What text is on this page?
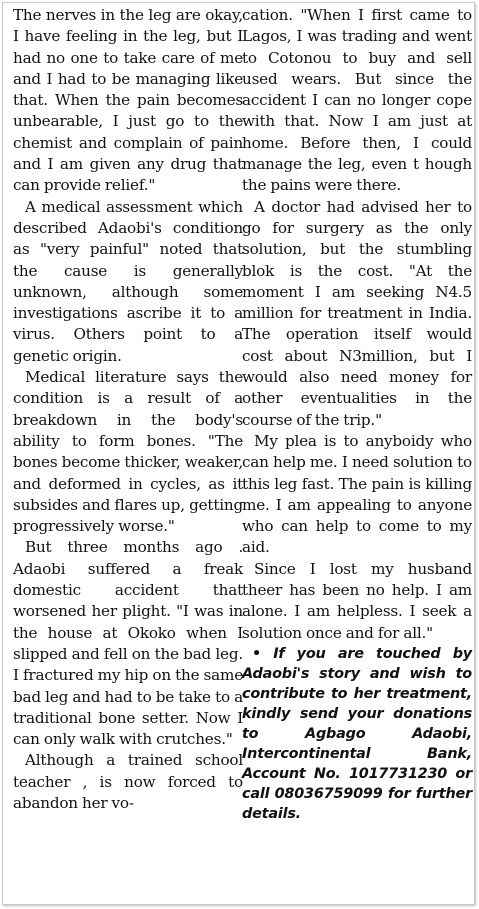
The nerves in the leg are okay, I have feeling in the leg, but I had no one to take care of me and I had to be managing like that. When the pain becomes unbearable, I just go to the chemist and complain of pain and I am given any drug that can provide relief."

A medical assessment which described Adaobi's condition as "very painful" noted that the cause is generally unknown, although some investigations ascribe it to a virus. Others point to a genetic origin.

Medical literature says the condition is a result of a breakdown in the body's ability to form bones. "The bones become thicker, weaker, and deformed in cycles, as it subsides and flares up, getting progressively worse."

But three months ago . Adaobi suffered a freak domestic accident that worsened her plight. "I was in the house at Okoko when I slipped and fell on the bad leg. I fractured my hip on the same bad leg and had to be take to a traditional bone setter. Now I can only walk with crutches."

Although a trained school teacher , is now forced to abandon her vo-

cation. "When I first came to Lagos, I was trading and went to Cotonou to buy and sell used wears. But since the accident I can no longer cope with that. Now I am just at home. Before then, I could manage the leg, even t hough the pains were there.

A doctor had advised her to go for surgery as the only solution, but the stumbling blok is the cost. "At the moment I am seeking N4.5 million for treatment in India. The operation itself would cost about N3million, but I would also need money for other eventualities in the course of the trip."

My plea is to anyboidy who can help me. I need solution to this leg fast. The pain is killing me. I am appealing to anyone who can help to come to my aid.

Since I lost my husband theer has been no help. I am alone. I am helpless. I seek a solution once and for all."

• If you are touched by Adaobi's story and wish to contribute to her treatment, kindly send your donations to Agbago Adaobi, Intercontinental Bank, Account No. 1017731230 or call 08036759099 for further details.
